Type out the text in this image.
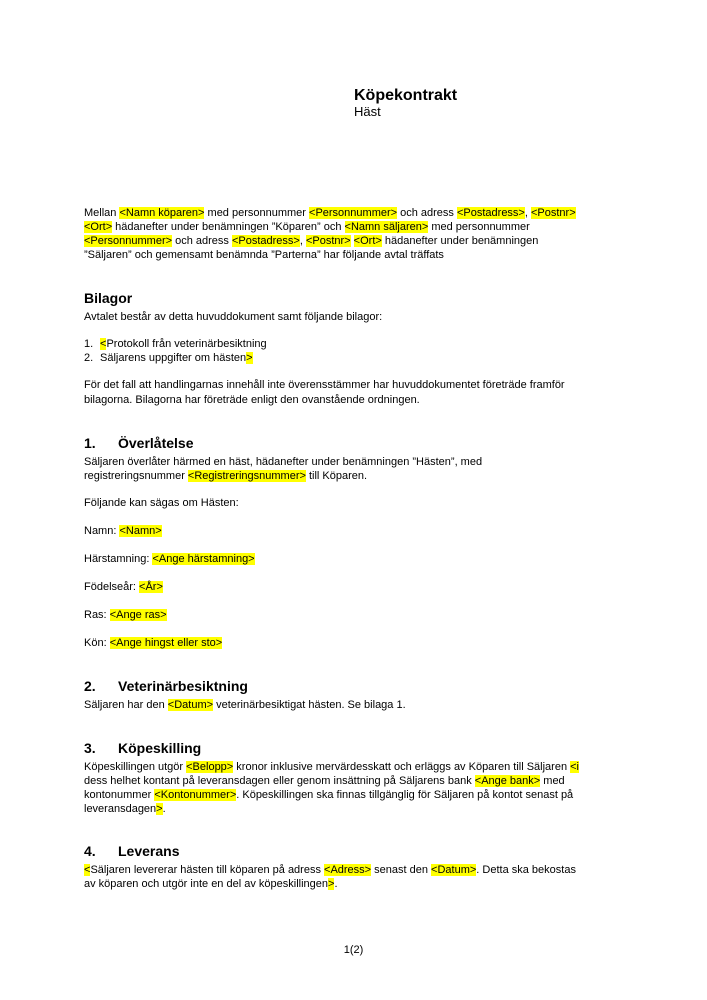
Köpekontrakt
Häst
Mellan <Namn köparen> med personnummer <Personnummer> och adress <Postadress>, <Postnr>
<Ort> hädanefter under benämningen ”Köparen” och <Namn säljaren> med personnummer
<Personnummer> och adress <Postadress>, <Postnr> <Ort> hädanefter under benämningen
”Säljaren” och gemensamt benämnda ”Parterna” har följande avtal träffats
Bilagor
Avtalet består av detta huvuddokument samt följande bilagor:
1. <Protokoll från veterinärbesiktning
2. Säljarens uppgifter om hästen>
För det fall att handlingarnas innehåll inte överensstämmer har huvuddokumentet företräde framför
bilagorna. Bilagorna har företräde enligt den ovanstående ordningen.
1. Överlåtelse
Säljaren överlåter härmed en häst, hädanefter under benämningen ”Hästen”, med
registreringsnummer <Registreringsnummer> till Köparen.
Följande kan sägas om Hästen:
Namn: <Namn>
Härstamning: <Ange härstamning>
Födelseår: <År>
Ras: <Ange ras>
Kön: <Ange hingst eller sto>
2. Veterinärbesiktning
Säljaren har den <Datum> veterinärbesiktigat hästen. Se bilaga 1.
3. Köpeskilling
Köpeskillingen utgör <Belopp> kronor inklusive mervärdesskatt och erläggs av Köparen till Säljaren <i
dess helhet kontant på leveransdagen eller genom insättning på Säljarens bank <Ange bank> med
kontonummer <Kontonummer>. Köpeskillingen ska finnas tillgänglig för Säljaren på kontot senast på
leveransdagen>.
4. Leverans
<Säljaren levererar hästen till köparen på adress <Adress> senast den <Datum>. Detta ska bekostas
av köparen och utgör inte en del av köpeskillingen>.
1(2)
